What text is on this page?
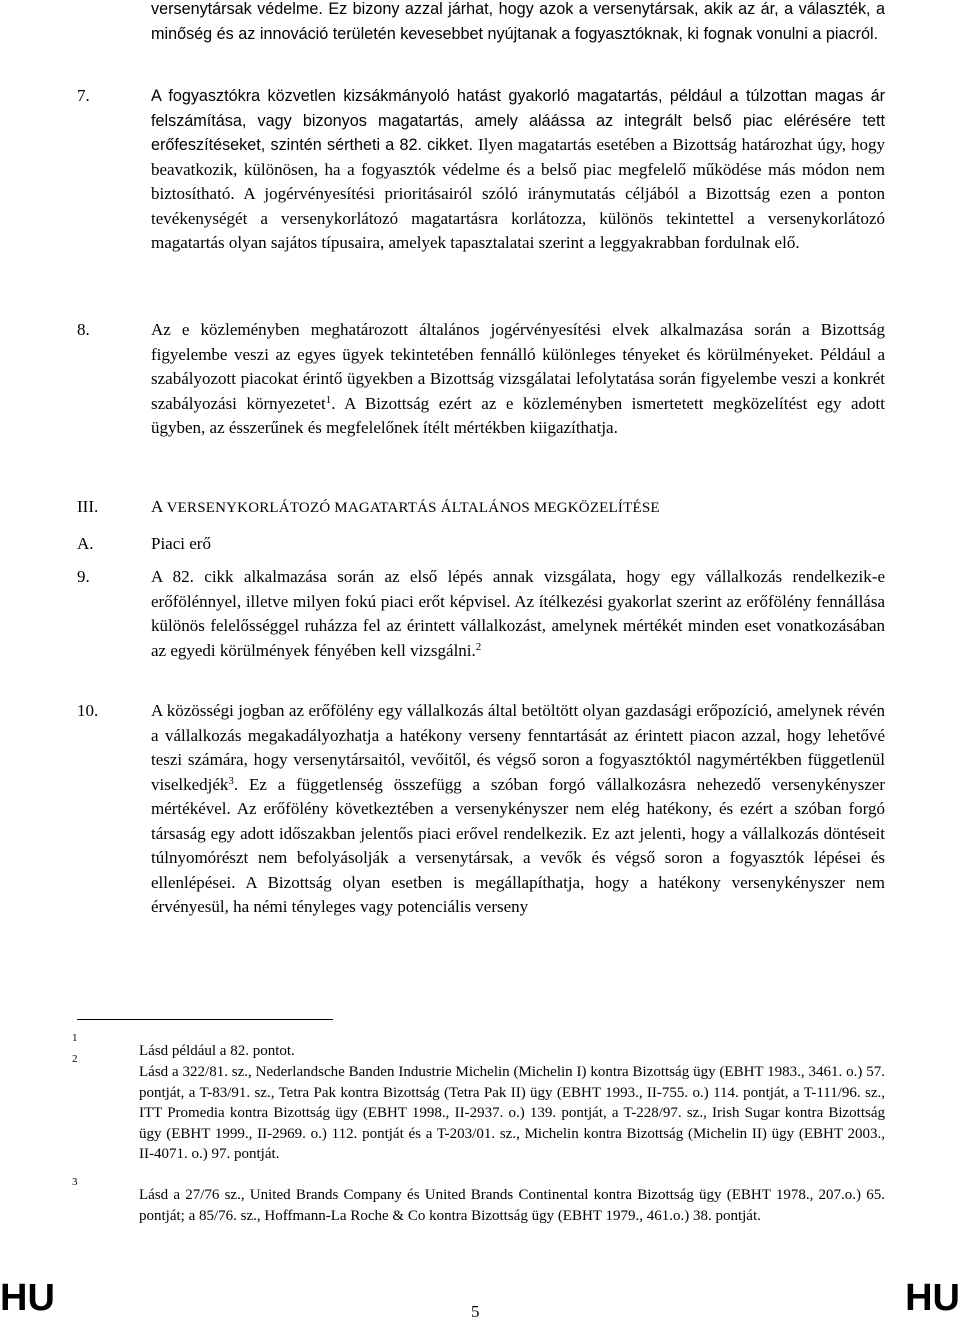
versenytársak védelme. Ez bizony azzal járhat, hogy azok a versenytársak, akik az ár, a választék, a minőség és az innováció területén kevesebbet nyújtanak a fogyasztóknak, ki fognak vonulni a piacról.

7.	A fogyasztókra közvetlen kizsákmányoló hatást gyakorló magatartás, például a túlzottan magas ár felszámítása, vagy bizonyos magatartás, amely aláássa az integrált belső piac elérésére tett erőfeszítéseket, szintén sértheti a 82. cikket. Ilyen magatartás esetében a Bizottság határozhat úgy, hogy beavatkozik, különösen, ha a fogyasztók védelme és a belső piac megfelelő működése más módon nem biztosítható. A jogérvényesítési prioritásairól szóló iránymutatás céljából a Bizottság ezen a ponton tevékenységét a versenykorlátozó magatartásra korlátozza, különös tekintettel a versenykorlátozó magatartás olyan sajátos típusaira, amelyek tapasztalatai szerint a leggyakrabban fordulnak elő.

8.	Az e közleményben meghatározott általános jogérvényesítési elvek alkalmazása során a Bizottság figyelembe veszi az egyes ügyek tekintetében fennálló különleges tényeket és körülményeket. Például a szabályozott piacokat érintő ügyekben a Bizottság vizsgálatai lefolytatása során figyelembe veszi a konkrét szabályozási környezetet$^1$. A Bizottság ezért az e közleményben ismertetett megközelítést egy adott ügyben, az ésszerűnek és megfelelőnek ítélt mértékben kiigazíthatja.

III.	A VERSENYKORLÁTOZÓ MAGATARTÁS ÁLTALÁNOS MEGKÖZELÍTÉSE
A.	Piaci erő
9.	A 82. cikk alkalmazása során az első lépés annak vizsgálata, hogy egy vállalkozás rendelkezik-e erőfölénnyel, illetve milyen fokú piaci erőt képvisel. Az ítélkezési gyakorlat szerint az erőfölény fennállása különös felelősséggel ruházza fel az érintett vállalkozást, amelynek mértékét minden eset vonatkozásában az egyedi körülmények fényében kell vizsgálni.$^2$

10.	A közösségi jogban az erőfölény egy vállalkozás által betöltött olyan gazdasági erőpozíció, amelynek révén a vállalkozás megakadályozhatja a hatékony verseny fenntartását az érintett piacon azzal, hogy lehetővé teszi számára, hogy versenytársaitól, vevőitől, és végső soron a fogyasztóktól nagymértékben függetlenül viselkedjék$^3$. Ez a függetlenség összefügg a szóban forgó vállalkozásra nehezedő versenykényszer mértékével. Az erőfölény következtében a versenykényszer nem elég hatékony, és ezért a szóban forgó társaság egy adott időszakban jelentős piaci erővel rendelkezik. Ez azt jelenti, hogy a vállalkozás döntéseit túlnyomórészt nem befolyásolják a versenytársak, a vevők és végső soron a fogyasztók lépései és ellenlépései. A Bizottság olyan esetben is megállapíthatja, hogy a hatékony versenykényszer nem érvényesül, ha némi tényleges vagy potenciális verseny

1

Lásd például a 82. pontot.

2

Lásd a 322/81. sz., Nederlandsche Banden Industrie Michelin (Michelin I) kontra Bizottság ügy (EBHT 1983., 3461. o.) 57. pontját, a T-83/91. sz., Tetra Pak kontra Bizottság (Tetra Pak II) ügy (EBHT 1993., II-755. o.) 114. pontját, a T-111/96. sz., ITT Promedia kontra Bizottság ügy (EBHT 1998., II-2937. o.) 139. pontját, a T-228/97. sz., Irish Sugar kontra Bizottság ügy (EBHT 1999., II-2969. o.) 112. pontját és a T-203/01. sz., Michelin kontra Bizottság (Michelin II) ügy (EBHT 2003., II-4071. o.) 97. pontját.

3

Lásd a 27/76 sz., United Brands Company és United Brands Continental kontra Bizottság ügy (EBHT 1978., 207.o.) 65. pontját; a 85/76. sz., Hoffmann-La Roche & Co kontra Bizottság ügy (EBHT 1979., 461.o.) 38. pontját.

HU	5	HU
